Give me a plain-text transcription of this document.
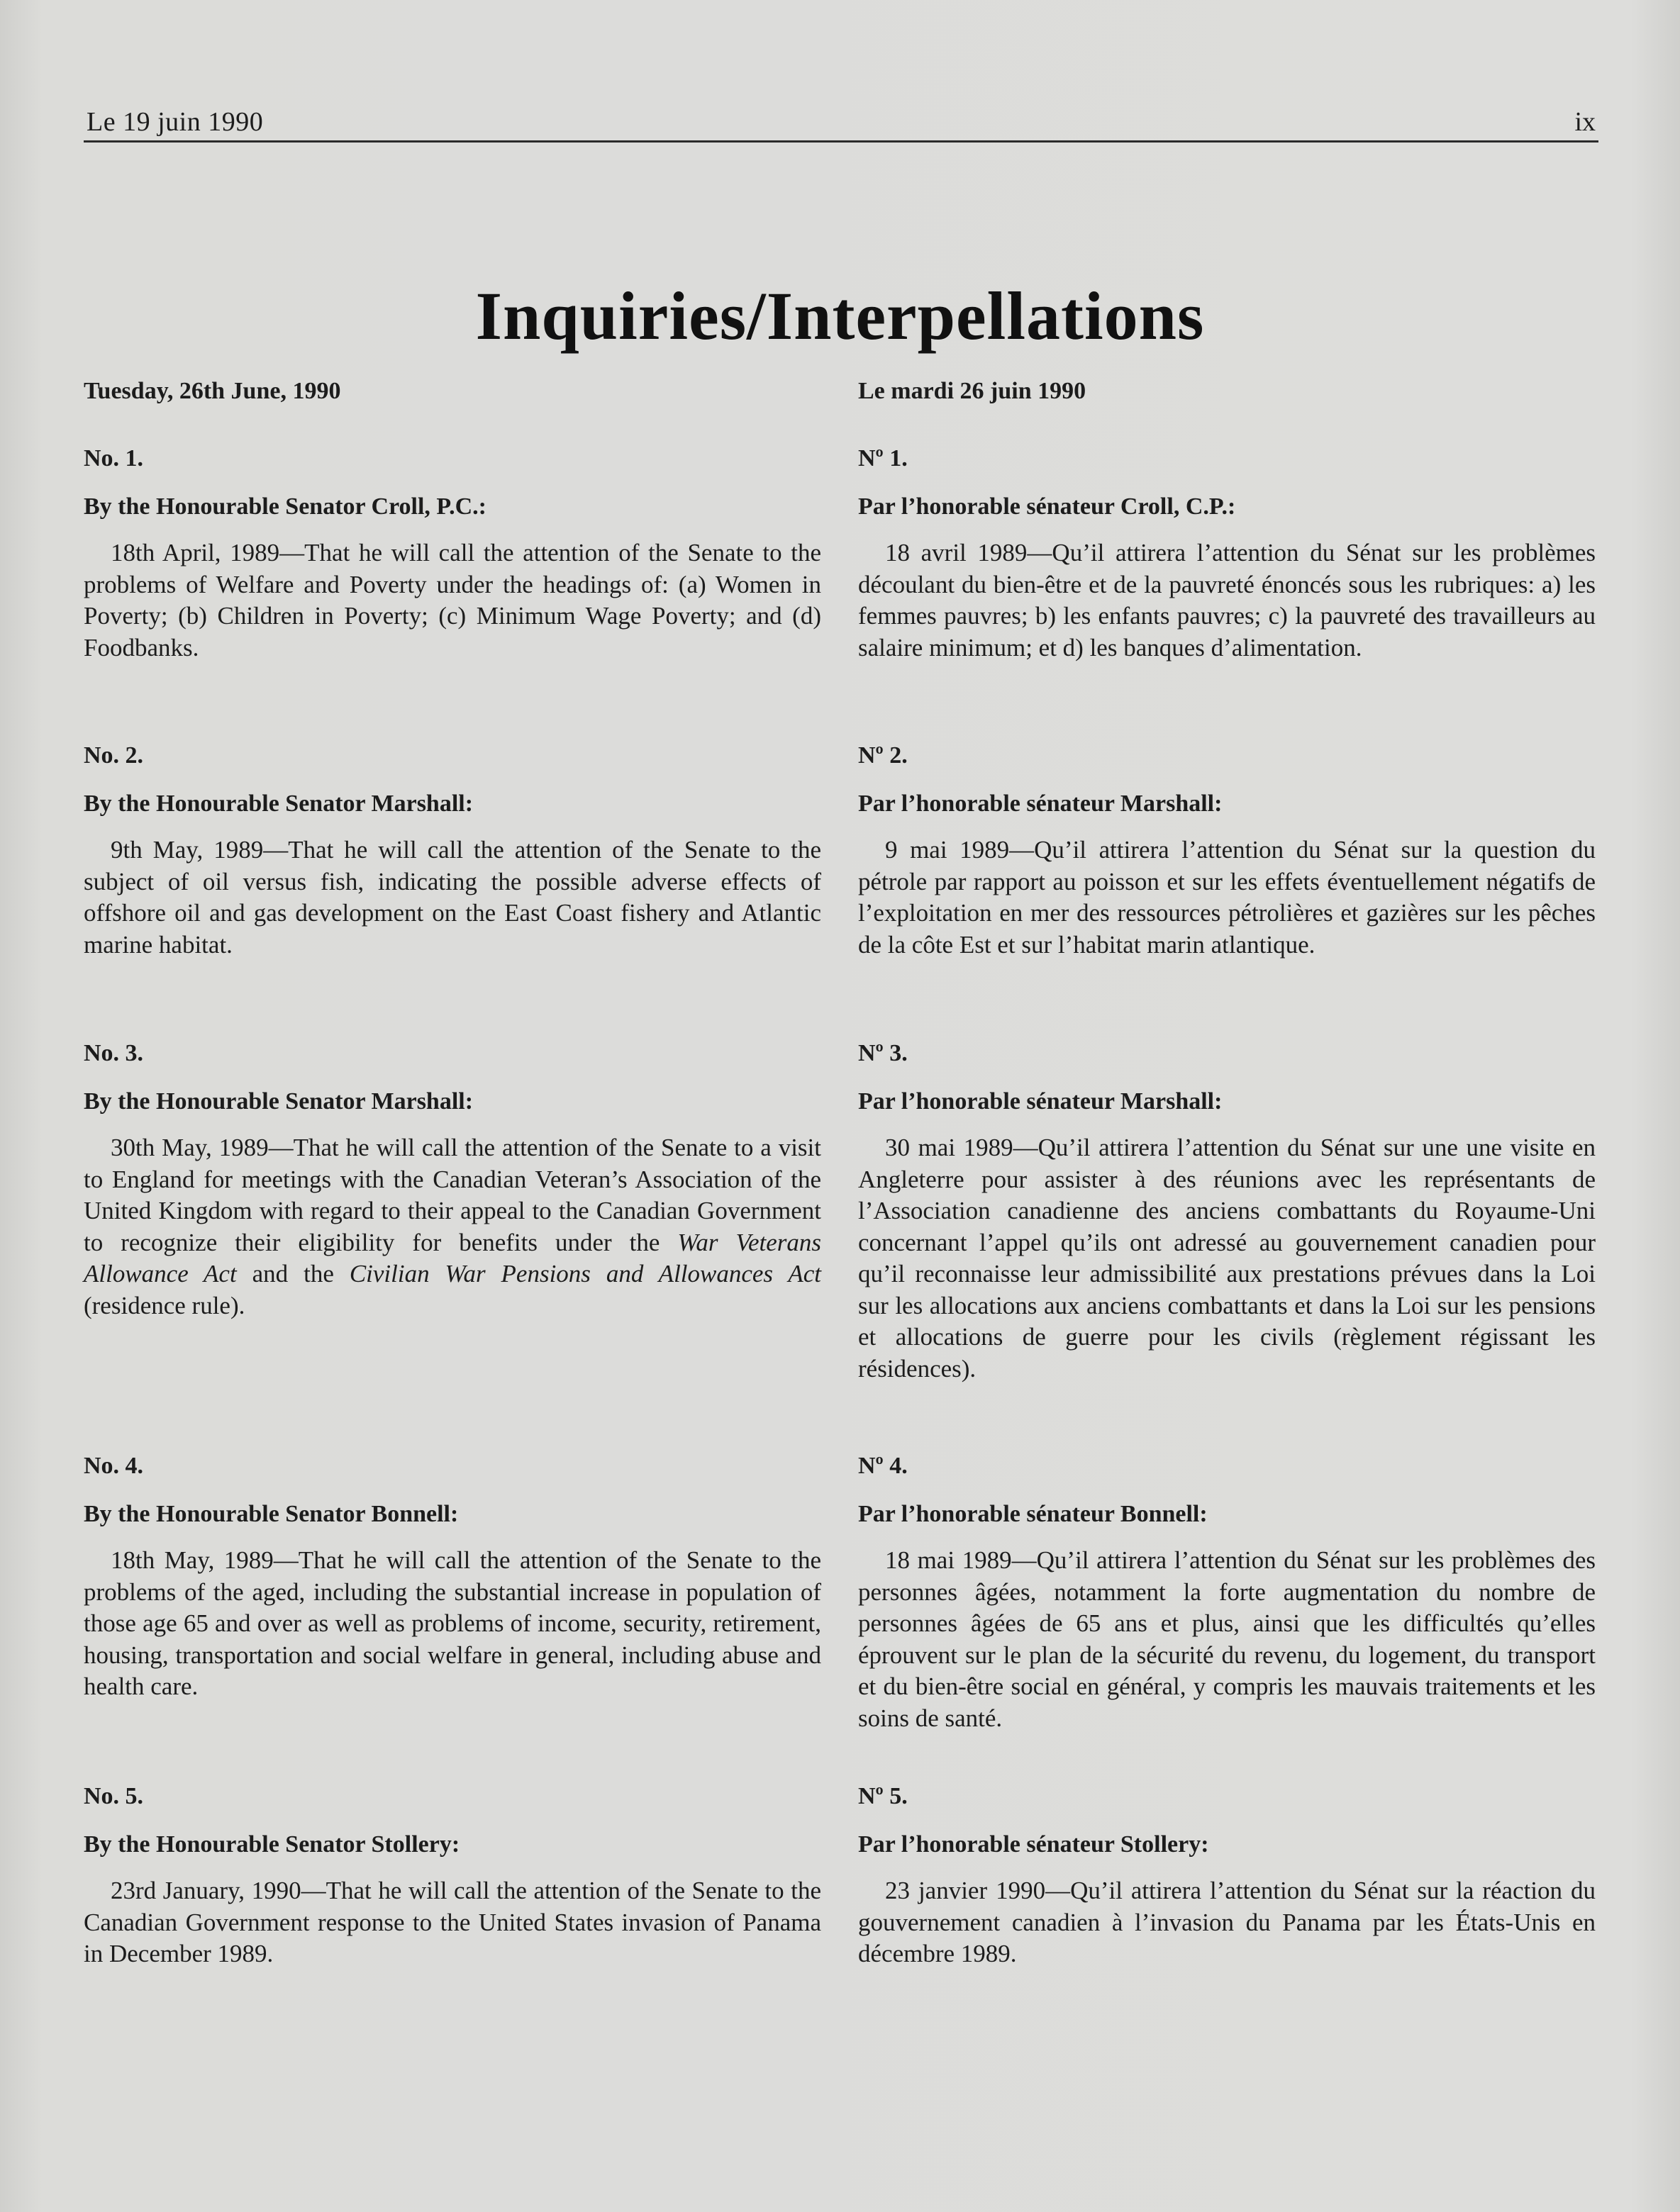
Le 19 juin 1990	ix
Inquiries/Interpellations

Tuesday, 26th June, 1990

No. 1.

By the Honourable Senator Croll, P.C.:

18th April, 1989—That he will call the attention of the Senate to the problems of Welfare and Poverty under the headings of: (a) Women in Poverty; (b) Children in Poverty; (c) Minimum Wage Poverty; and (d) Foodbanks.

No. 2.

By the Honourable Senator Marshall:

9th May, 1989—That he will call the attention of the Senate to the subject of oil versus fish, indicating the possible adverse effects of offshore oil and gas development on the East Coast fishery and Atlantic marine habitat.

No. 3.

By the Honourable Senator Marshall:

30th May, 1989—That he will call the attention of the Senate to a visit to England for meetings with the Canadian Veteran’s Association of the United Kingdom with regard to their appeal to the Canadian Government to recognize their eligibility for benefits under the War Veterans Allowance Act and the Civilian War Pensions and Allowances Act (residence rule).

No. 4.

By the Honourable Senator Bonnell:

18th May, 1989—That he will call the attention of the Senate to the problems of the aged, including the substantial increase in population of those age 65 and over as well as problems of income, security, retirement, housing, transportation and social welfare in general, including abuse and health care.

No. 5.

By the Honourable Senator Stollery:

23rd January, 1990—That he will call the attention of the Senate to the Canadian Government response to the United States invasion of Panama in December 1989.

Le mardi 26 juin 1990

Nº 1.

Par l’honorable sénateur Croll, C.P.:

18 avril 1989—Qu’il attirera l’attention du Sénat sur les problèmes découlant du bien-être et de la pauvreté énoncés sous les rubriques: a) les femmes pauvres; b) les enfants pauvres; c) la pauvreté des travailleurs au salaire minimum; et d) les banques d’alimentation.

Nº 2.

Par l’honorable sénateur Marshall:

9 mai 1989—Qu’il attirera l’attention du Sénat sur la question du pétrole par rapport au poisson et sur les effets éventuellement négatifs de l’exploitation en mer des ressources pétrolières et gazières sur les pêches de la côte Est et sur l’habitat marin atlantique.

Nº 3.

Par l’honorable sénateur Marshall:

30 mai 1989—Qu’il attirera l’attention du Sénat sur une une visite en Angleterre pour assister à des réunions avec les représentants de l’Association canadienne des anciens combattants du Royaume-Uni concernant l’appel qu’ils ont adressé au gouvernement canadien pour qu’il reconnaisse leur admissibilité aux prestations prévues dans la Loi sur les allocations aux anciens combattants et dans la Loi sur les pensions et allocations de guerre pour les civils (règlement régissant les résidences).

Nº 4.

Par l’honorable sénateur Bonnell:

18 mai 1989—Qu’il attirera l’attention du Sénat sur les problèmes des personnes âgées, notamment la forte augmentation du nombre de personnes âgées de 65 ans et plus, ainsi que les difficultés qu’elles éprouvent sur le plan de la sécurité du revenu, du logement, du transport et du bien-être social en général, y compris les mauvais traitements et les soins de santé.

Nº 5.

Par l’honorable sénateur Stollery:

23 janvier 1990—Qu’il attirera l’attention du Sénat sur la réaction du gouvernement canadien à l’invasion du Panama par les États-Unis en décembre 1989.
